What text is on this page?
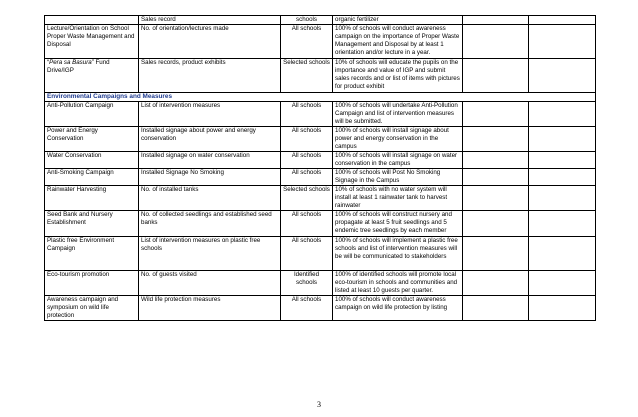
	Sales record	schools	organic fertilizer		
Lecture/Orientation on School Proper Waste Management and Disposal	No. of orientation/lectures made	All schools	100% of schools will conduct awareness campaign on the importance of Proper Waste Management and Disposal by at least 1 orientation and/or lecture in a year.		
“Pera sa Basura” Fund Drive/IGP	Sales records, product exhibits	Selected schools	10% of schools will educate the pupils on the importance and value of IGP and submit sales records and or list of items with pictures for product exhibit		
Environmental Campaigns and Measures					
Anti-Pollution Campaign	List of intervention measures	All schools	100% of schools will undertake Anti-Pollution Campaign and list of intervention measures will be submitted.		
Power and Energy Conservation	Installed signage about power and energy conservation	All schools	100% of schools will install signage about power and energy conservation in the campus		
Water Conservation	Installed signage on water conservation	All schools	100% of schools will install signage on water conservation in the campus		
Anti-Smoking Campaign	Installed Signage No Smoking	All schools	100% of schools will Post No Smoking Signage in the Campus		
Rainwater Harvesting	No. of installed tanks	Selected schools	10% of schools with no water system will install at least 1 rainwater tank to harvest rainwater		
Seed Bank and Nursery Establishment	No. of collected seedlings and established seed banks	All schools	100% of schools will construct nursery and propagate at least 5 fruit seedlings and 5 endemic tree seedlings by each member		
Plastic free Environment Campaign	List of intervention measures on plastic free schools	All schools	100% of schools will implement a plastic free schools and list of intervention measures will be will be communicated to stakeholders		
Eco-tourism promotion	No. of guests visited	Identified schools	100% of identified schools will promote local eco-tourism in schools and communities and listed at least 10 guests per quarter.		
Awareness campaign and symposium on wild life protection	Wild life protection measures	All schools	100% of schools will conduct awareness campaign on wild life protection by listing		
3
